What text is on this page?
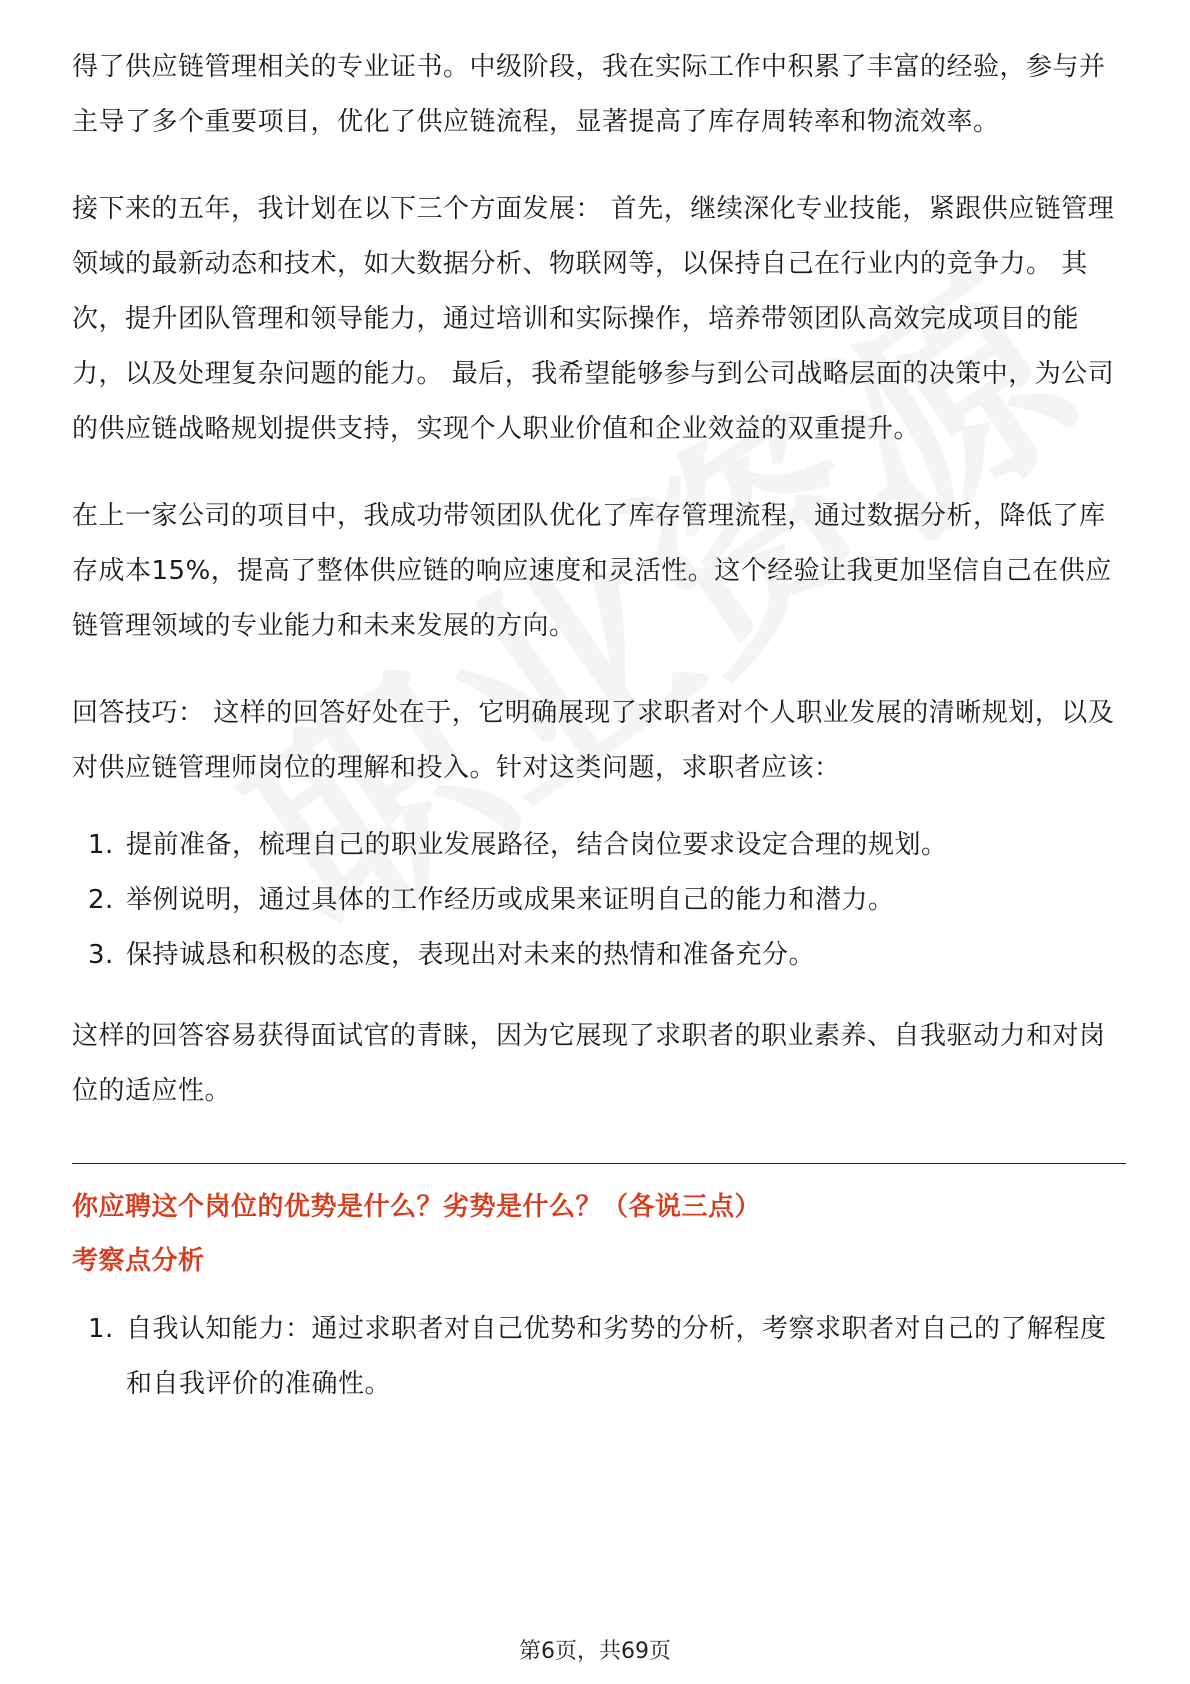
得了供应链管理相关的专业证书。中级阶段，我在实际工作中积累了丰富的经验，参与并主导了多个重要项目，优化了供应链流程，显著提高了库存周转率和物流效率。

接下来的五年，我计划在以下三个方面发展： 首先，继续深化专业技能，紧跟供应链管理领域的最新动态和技术，如大数据分析、物联网等，以保持自己在行业内的竞争力。 其次，提升团队管理和领导能力，通过培训和实际操作，培养带领团队高效完成项目的能力，以及处理复杂问题的能力。 最后，我希望能够参与到公司战略层面的决策中，为公司的供应链战略规划提供支持，实现个人职业价值和企业效益的双重提升。

在上一家公司的项目中，我成功带领团队优化了库存管理流程，通过数据分析，降低了库存成本15%，提高了整体供应链的响应速度和灵活性。这个经验让我更加坚信自己在供应链管理领域的专业能力和未来发展的方向。

回答技巧： 这样的回答好处在于，它明确展现了求职者对个人职业发展的清晰规划，以及对供应链管理师岗位的理解和投入。针对这类问题，求职者应该：

1. 提前准备，梳理自己的职业发展路径，结合岗位要求设定合理的规划。
2. 举例说明，通过具体的工作经历或成果来证明自己的能力和潜力。
3. 保持诚恳和积极的态度，表现出对未来的热情和准备充分。

这样的回答容易获得面试官的青睐，因为它展现了求职者的职业素养、自我驱动力和对岗位的适应性。

你应聘这个岗位的优势是什么？劣势是什么？（各说三点）

考察点分析

1. 自我认知能力：通过求职者对自己优势和劣势的分析，考察求职者对自己的了解程度和自我评价的准确性。
第6页，共69页
